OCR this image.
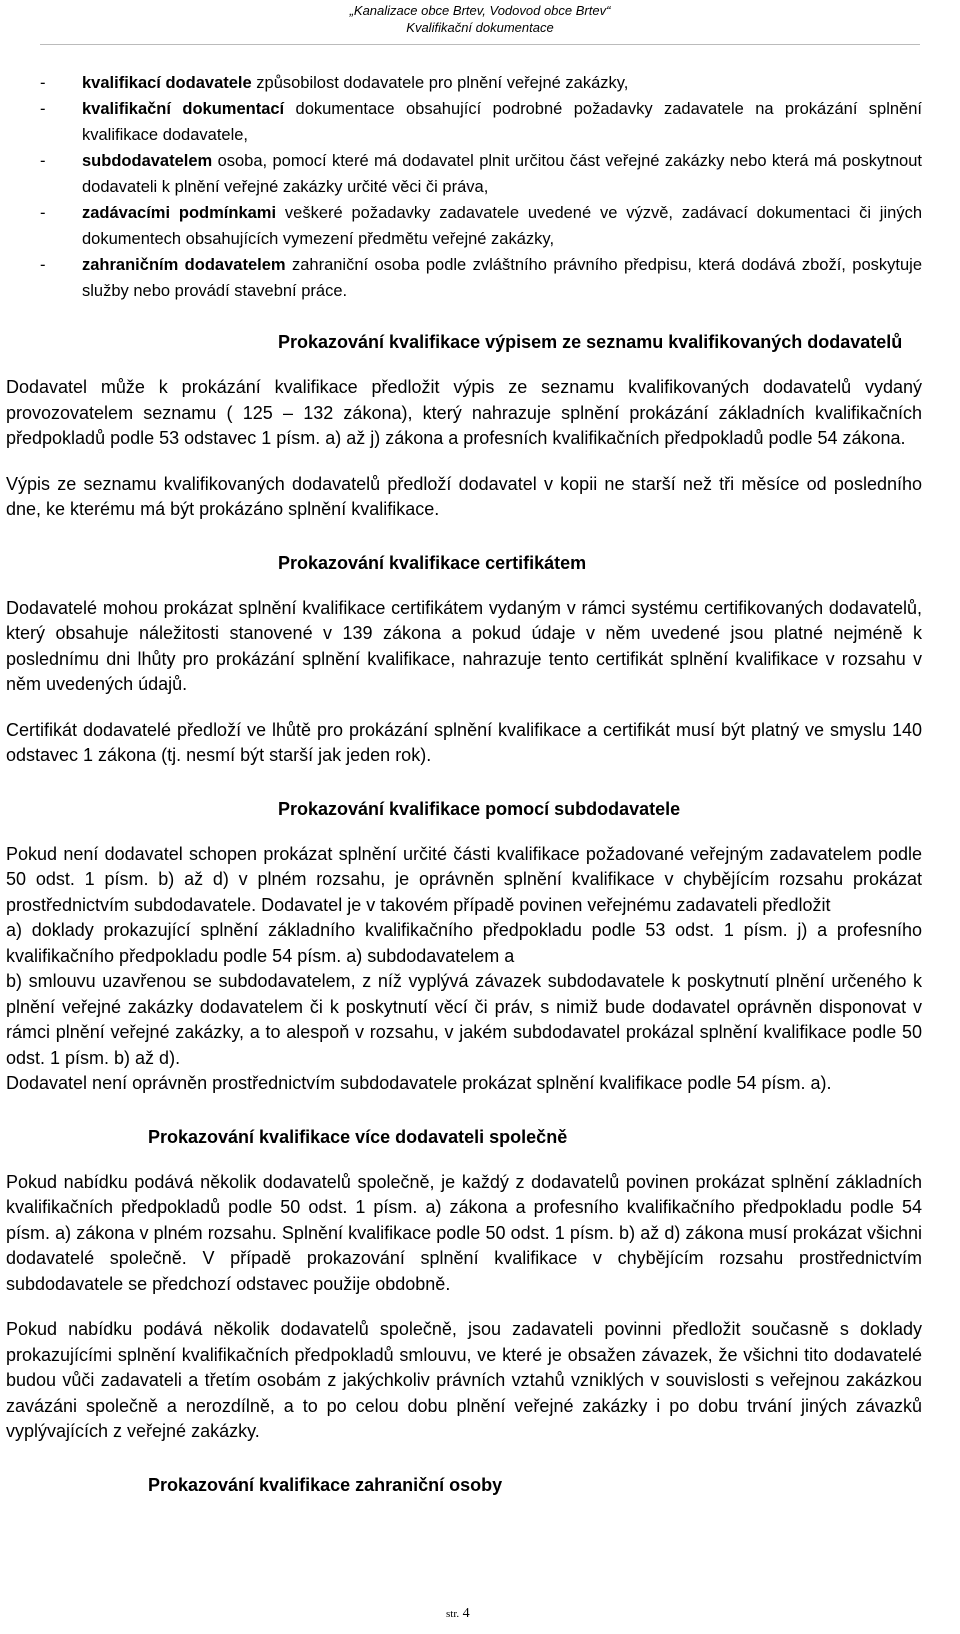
„Kanalizace obce Brtev, Vodovod obce Brtev“
Kvalifikační dokumentace
- kvalifikací dodavatele způsobilost dodavatele pro plnění veřejné zakázky,
- kvalifikační dokumentací dokumentace obsahující podrobné požadavky zadavatele na prokázání splnění kvalifikace dodavatele,
- subdodavatelem osoba, pomocí které má dodavatel plnit určitou část veřejné zakázky nebo která má poskytnout dodavateli k plnění veřejné zakázky určité věci či práva,
- zadávacími podmínkami veškeré požadavky zadavatele uvedené ve výzvě, zadávací dokumentaci či jiných dokumentech obsahujících vymezení předmětu veřejné zakázky,
- zahraničním dodavatelem zahraniční osoba podle zvláštního právního předpisu, která dodává zboží, poskytuje služby nebo provádí stavební práce.
Prokazování kvalifikace výpisem ze seznamu kvalifikovaných dodavatelů

Dodavatel může k prokázání kvalifikace předložit výpis ze seznamu kvalifikovaných dodavatelů vydaný provozovatelem seznamu ( 125 – 132 zákona), který nahrazuje splnění prokázání základních kvalifikačních předpokladů podle 53 odstavec 1 písm. a) až j) zákona a profesních kvalifikačních předpokladů podle 54 zákona.

Výpis ze seznamu kvalifikovaných dodavatelů předloží dodavatel v kopii ne starší než tři měsíce od posledního dne, ke kterému má být prokázáno splnění kvalifikace.

Prokazování kvalifikace certifikátem

Dodavatelé mohou prokázat splnění kvalifikace certifikátem vydaným v rámci systému certifikovaných dodavatelů, který obsahuje náležitosti stanovené v 139 zákona a pokud údaje v něm uvedené jsou platné nejméně k poslednímu dni lhůty pro prokázání splnění kvalifikace, nahrazuje tento certifikát splnění kvalifikace v rozsahu v něm uvedených údajů.

Certifikát dodavatelé předloží ve lhůtě pro prokázání splnění kvalifikace a certifikát musí být platný ve smyslu 140 odstavec 1 zákona (tj. nesmí být starší jak jeden rok).

Prokazování kvalifikace pomocí subdodavatele

Pokud není dodavatel schopen prokázat splnění určité části kvalifikace požadované veřejným zadavatelem podle 50 odst. 1 písm. b) až d) v plném rozsahu, je oprávněn splnění kvalifikace v chybějícím rozsahu prokázat prostřednictvím subdodavatele. Dodavatel je v takovém případě povinen veřejnému zadavateli předložit

a) doklady prokazující splnění základního kvalifikačního předpokladu podle 53 odst. 1 písm. j) a profesního kvalifikačního předpokladu podle 54 písm. a) subdodavatelem a

b) smlouvu uzavřenou se subdodavatelem, z níž vyplývá závazek subdodavatele k poskytnutí plnění určeného k plnění veřejné zakázky dodavatelem či k poskytnutí věcí či práv, s nimiž bude dodavatel oprávněn disponovat v rámci plnění veřejné zakázky, a to alespoň v rozsahu, v jakém subdodavatel prokázal splnění kvalifikace podle 50 odst. 1 písm. b) až d).

Dodavatel není oprávněn prostřednictvím subdodavatele prokázat splnění kvalifikace podle 54 písm. a).

Prokazování kvalifikace více dodavateli společně

Pokud nabídku podává několik dodavatelů společně, je každý z dodavatelů povinen prokázat splnění základních kvalifikačních předpokladů podle 50 odst. 1 písm. a) zákona a profesního kvalifikačního předpokladu podle 54 písm. a) zákona v plném rozsahu. Splnění kvalifikace podle 50 odst. 1 písm. b) až d) zákona musí prokázat všichni dodavatelé společně. V případě prokazování splnění kvalifikace v chybějícím rozsahu prostřednictvím subdodavatele se předchozí odstavec použije obdobně.

Pokud nabídku podává několik dodavatelů společně, jsou zadavateli povinni předložit současně s doklady prokazujícími splnění kvalifikačních předpokladů smlouvu, ve které je obsažen závazek, že všichni tito dodavatelé budou vůči zadavateli a třetím osobám z jakýchkoliv právních vztahů vzniklých v souvislosti s veřejnou zakázkou zavázáni společně a nerozdílně, a to po celou dobu plnění veřejné zakázky i po dobu trvání jiných závazků vyplývajících z veřejné zakázky.

Prokazování kvalifikace zahraniční osoby
str. 4
